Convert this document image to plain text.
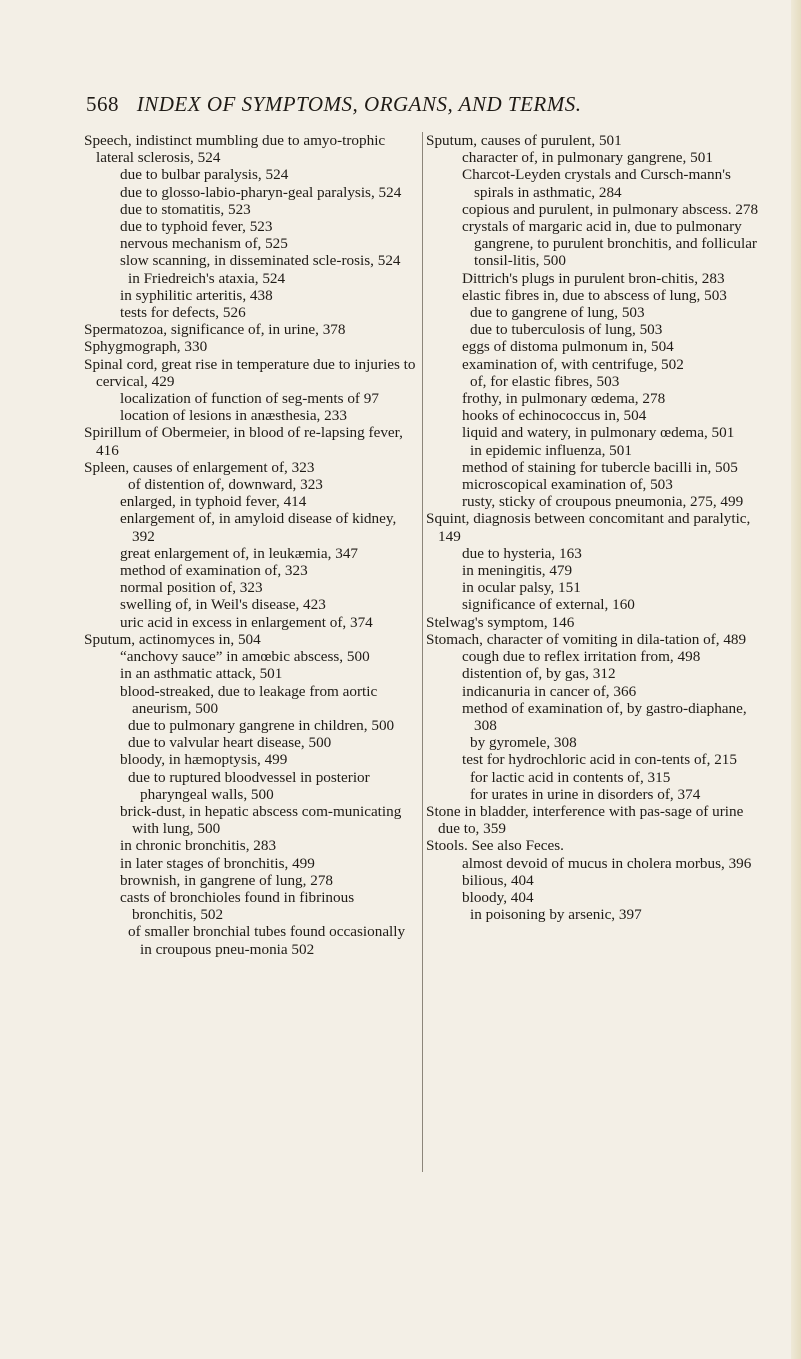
568 INDEX OF SYMPTOMS, ORGANS, AND TERMS.
Speech, indistinct mumbling due to amyo-trophic lateral sclerosis, 524
due to bulbar paralysis, 524
due to glosso-labio-pharyn-geal paralysis, 524
due to stomatitis, 523
due to typhoid fever, 523
nervous mechanism of, 525
slow scanning, in disseminated scle-rosis, 524
in Friedreich's ataxia, 524
in syphilitic arteritis, 438
tests for defects, 526
Spermatozoa, significance of, in urine, 378
Sphygmograph, 330
Spinal cord, great rise in temperature due to injuries to cervical, 429
localization of function of seg-ments of 97
location of lesions in anæsthesia, 233
Spirillum of Obermeier, in blood of re-lapsing fever, 416
Spleen, causes of enlargement of, 323
of distention of, downward, 323
enlarged, in typhoid fever, 414
enlargement of, in amyloid disease of kidney, 392
great enlargement of, in leukæmia, 347
method of examination of, 323
normal position of, 323
swelling of, in Weil's disease, 423
uric acid in excess in enlargement of, 374
Sputum, actinomyces in, 504
“anchovy sauce” in amœbic abscess, 500
in an asthmatic attack, 501
blood-streaked, due to leakage from aortic aneurism, 500
due to pulmonary gangrene in children, 500
due to valvular heart disease, 500
bloody, in hæmoptysis, 499
due to ruptured bloodvessel in posterior pharyngeal walls, 500
brick-dust, in hepatic abscess com-municating with lung, 500
in chronic bronchitis, 283
in later stages of bronchitis, 499
brownish, in gangrene of lung, 278
casts of bronchioles found in fibrinous bronchitis, 502
of smaller bronchial tubes found occasionally in croupous pneu-monia 502
Sputum, causes of purulent, 501
character of, in pulmonary gangrene, 501
Charcot-Leyden crystals and Cursch-mann's spirals in asthmatic, 284
copious and purulent, in pulmonary abscess. 278
crystals of margaric acid in, due to pulmonary gangrene, to purulent bronchitis, and follicular tonsil-litis, 500
Dittrich's plugs in purulent bron-chitis, 283
elastic fibres in, due to abscess of lung, 503
due to gangrene of lung, 503
due to tuberculosis of lung, 503
eggs of distoma pulmonum in, 504
examination of, with centrifuge, 502
of, for elastic fibres, 503
frothy, in pulmonary œdema, 278
hooks of echinococcus in, 504
liquid and watery, in pulmonary œdema, 501
in epidemic influenza, 501
method of staining for tubercle bacilli in, 505
microscopical examination of, 503
rusty, sticky of croupous pneumonia, 275, 499
Squint, diagnosis between concomitant and paralytic, 149
due to hysteria, 163
in meningitis, 479
in ocular palsy, 151
significance of external, 160
Stelwag's symptom, 146
Stomach, character of vomiting in dila-tation of, 489
cough due to reflex irritation from, 498
distention of, by gas, 312
indicanuria in cancer of, 366
method of examination of, by gastro-diaphane, 308
by gyromele, 308
test for hydrochloric acid in con-tents of, 215
for lactic acid in contents of, 315
for urates in urine in disorders of, 374
Stone in bladder, interference with pas-sage of urine due to, 359
Stools. See also Feces.
almost devoid of mucus in cholera morbus, 396
bilious, 404
bloody, 404
in poisoning by arsenic, 397
